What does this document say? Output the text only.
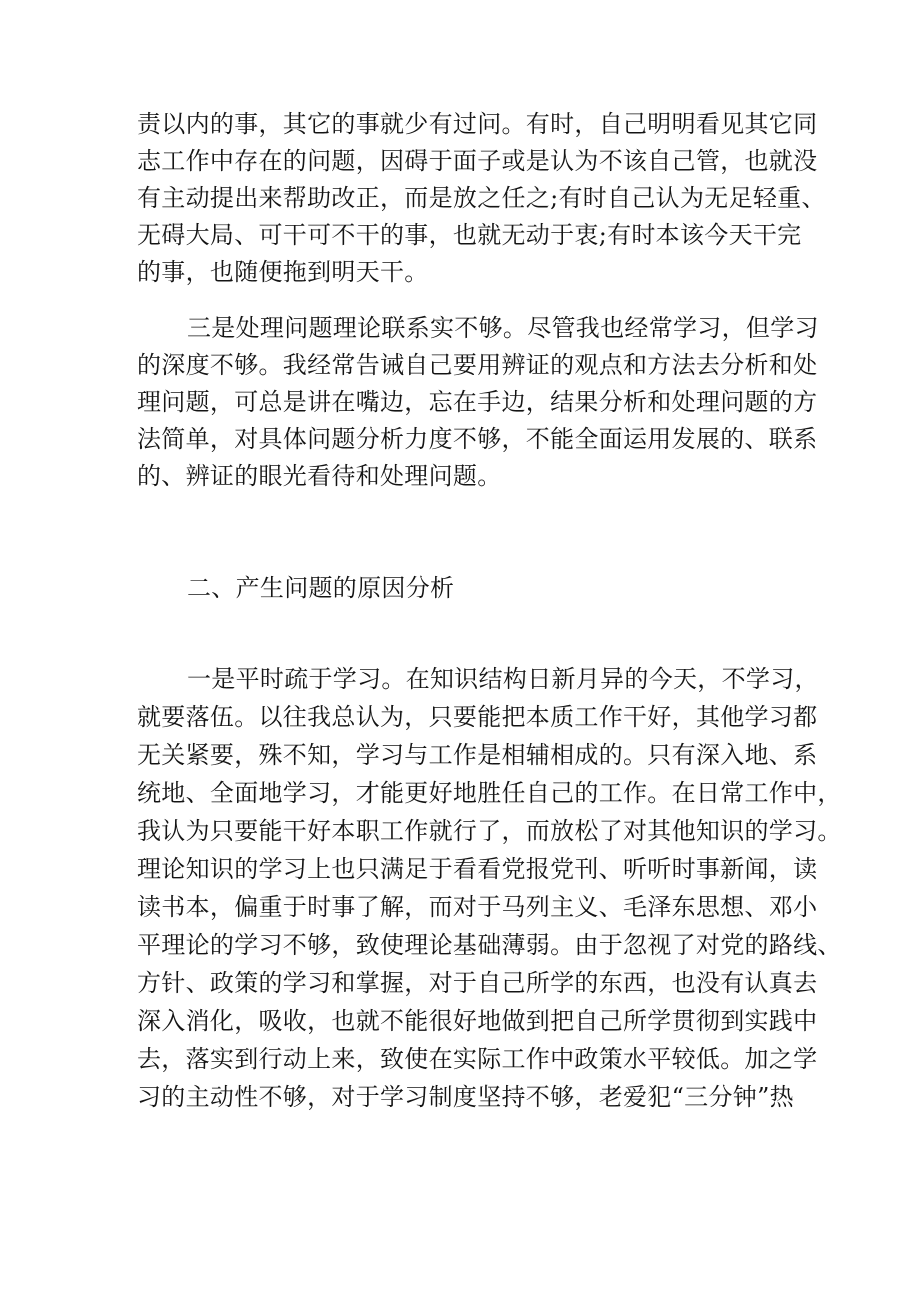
责以内的事，其它的事就少有过问。有时，自己明明看见其它同
志工作中存在的问题，因碍于面子或是认为不该自己管，也就没
有主动提出来帮助改正，而是放之任之;有时自己认为无足轻重、
无碍大局、可干可不干的事，也就无动于衷;有时本该今天干完
的事，也随便拖到明天干。
三是处理问题理论联系实不够。尽管我也经常学习，但学习
的深度不够。我经常告诫自己要用辨证的观点和方法去分析和处
理问题，可总是讲在嘴边，忘在手边，结果分析和处理问题的方
法简单，对具体问题分析力度不够，不能全面运用发展的、联系
的、辨证的眼光看待和处理问题。
二、产生问题的原因分析
一是平时疏于学习。在知识结构日新月异的今天，不学习，
就要落伍。以往我总认为，只要能把本质工作干好，其他学习都
无关紧要，殊不知，学习与工作是相辅相成的。只有深入地、系
统地、全面地学习，才能更好地胜任自己的工作。在日常工作中，
我认为只要能干好本职工作就行了，而放松了对其他知识的学习。
理论知识的学习上也只满足于看看党报党刊、听听时事新闻，读
读书本，偏重于时事了解，而对于马列主义、毛泽东思想、邓小
平理论的学习不够，致使理论基础薄弱。由于忽视了对党的路线、
方针、政策的学习和掌握，对于自己所学的东西，也没有认真去
深入消化，吸收，也就不能很好地做到把自己所学贯彻到实践中
去，落实到行动上来，致使在实际工作中政策水平较低。加之学
习的主动性不够，对于学习制度坚持不够，老爱犯“三分钟”热
